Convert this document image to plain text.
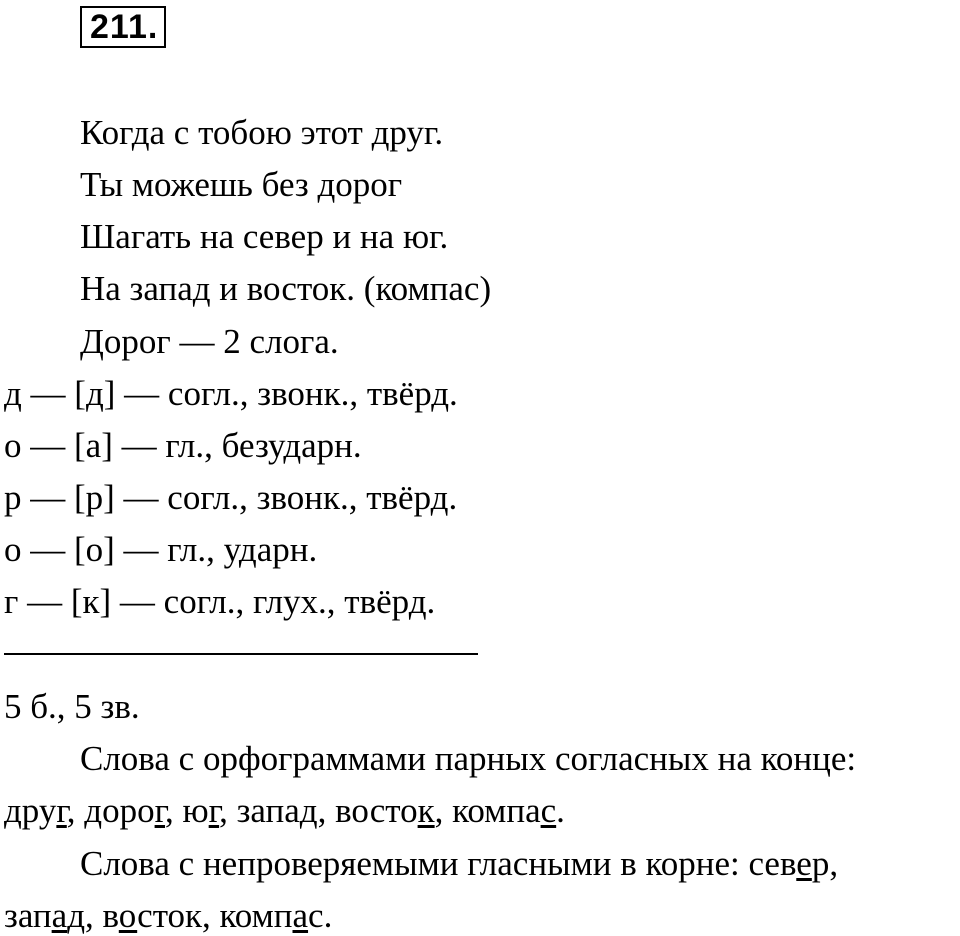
211.
Когда с тобою этот друг.
Ты можешь без дорог
Шагать на север и на юг.
На запад и восток. (компас)
Дорог — 2 слога.
д — [д] — согл., звонк., твёрд.
о — [а] — гл., безударн.
р — [р] — согл., звонк., твёрд.
о — [о] — гл., ударн.
г — [к] — согл., глух., твёрд.
5 б., 5 зв.
Слова с орфограммами парных согласных на конце:
друг, дорог, юг, запад, восток, компас.
Слова с непроверяемыми гласными в корне: север,
запад, восток, компас.
